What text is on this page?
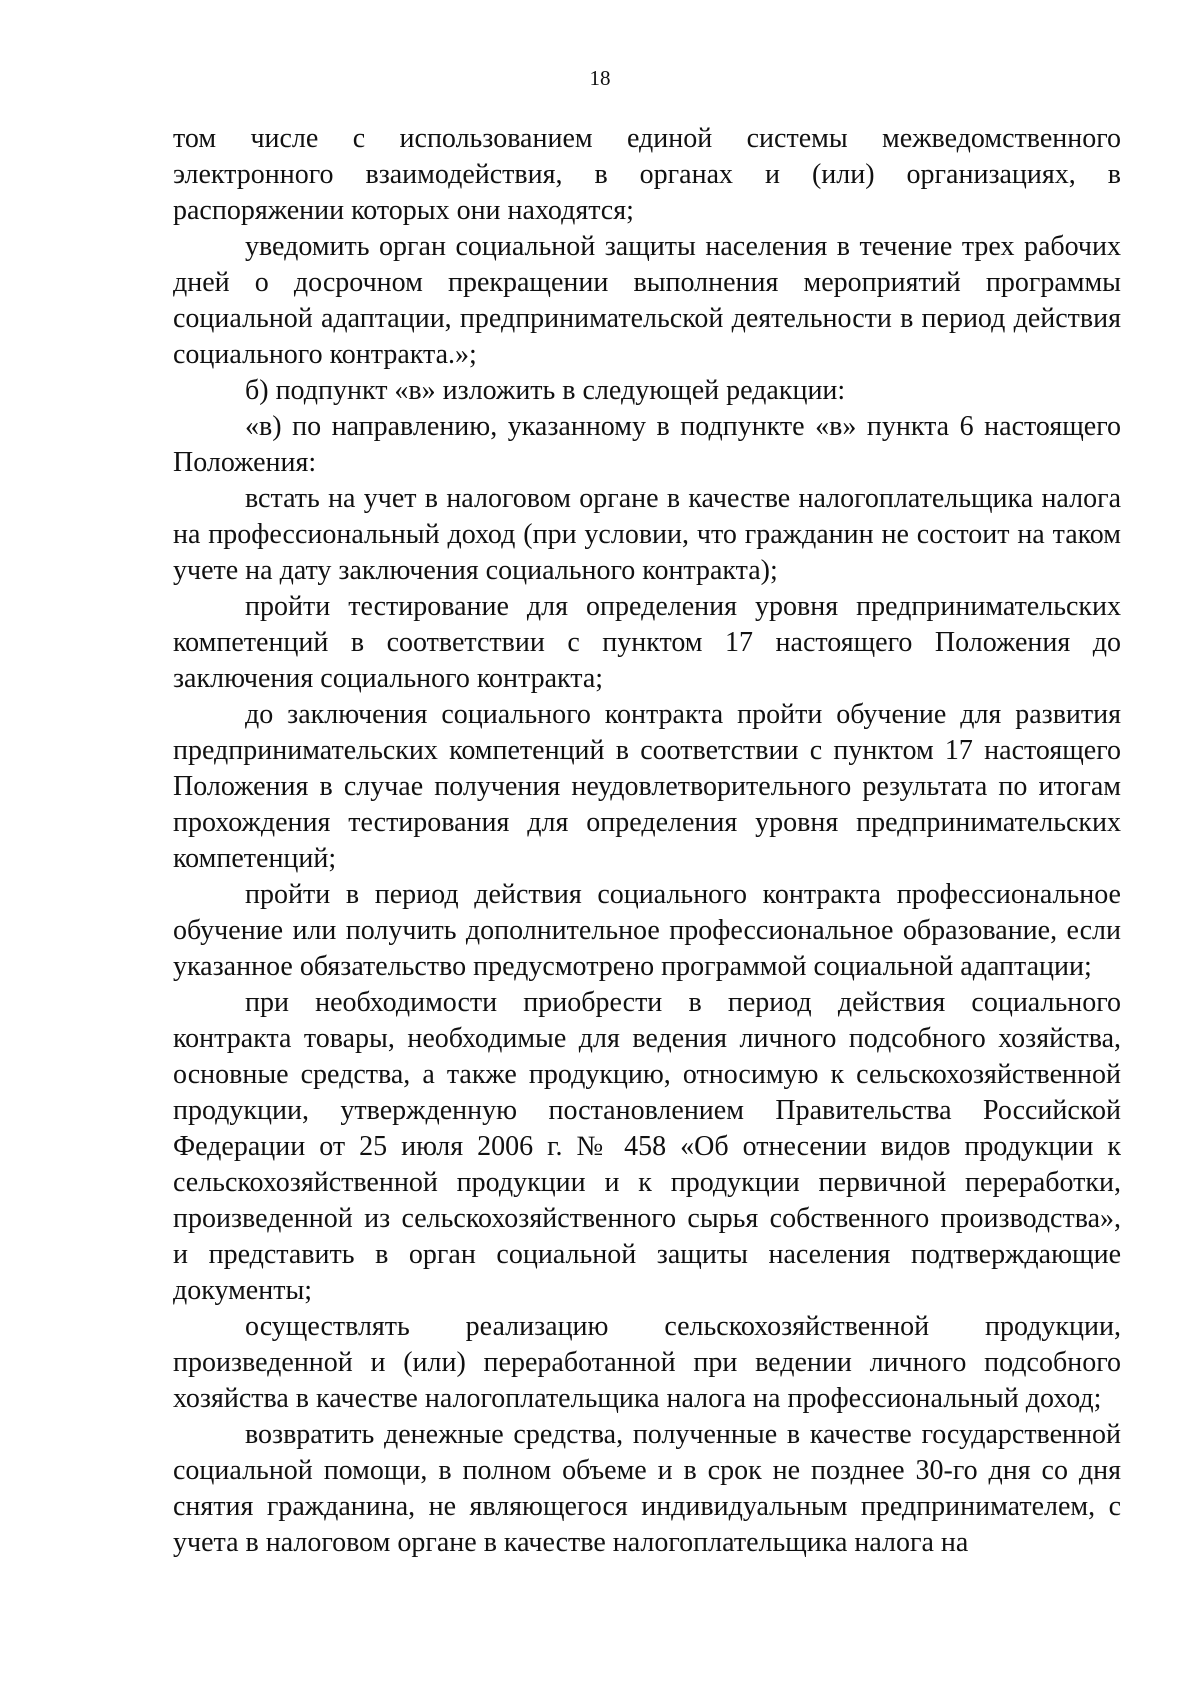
18

том числе с использованием единой системы межведомственного электронного взаимодействия, в органах и (или) организациях, в распоряжении которых они находятся;

уведомить орган социальной защиты населения в течение трех рабочих дней о досрочном прекращении выполнения мероприятий программы социальной адаптации, предпринимательской деятельности в период действия социального контракта.»;

б) подпункт «в» изложить в следующей редакции:

«в) по направлению, указанному в подпункте «в» пункта 6 настоящего Положения:

встать на учет в налоговом органе в качестве налогоплательщика налога на профессиональный доход (при условии, что гражданин не состоит на таком учете на дату заключения социального контракта);

пройти тестирование для определения уровня предпринимательских компетенций в соответствии с пунктом 17 настоящего Положения до заключения социального контракта;

до заключения социального контракта пройти обучение для развития предпринимательских компетенций в соответствии с пунктом 17 настоящего Положения в случае получения неудовлетворительного результата по итогам прохождения тестирования для определения уровня предпринимательских компетенций;

пройти в период действия социального контракта профессиональное обучение или получить дополнительное профессиональное образование, если указанное обязательство предусмотрено программой социальной адаптации;

при необходимости приобрести в период действия социального контракта товары, необходимые для ведения личного подсобного хозяйства, основные средства, а также продукцию, относимую к сельскохозяйственной продукции, утвержденную постановлением Правительства Российской Федерации от 25 июля 2006 г. № 458 «Об отнесении видов продукции к сельскохозяйственной продукции и к продукции первичной переработки, произведенной из сельскохозяйственного сырья собственного производства», и представить в орган социальной защиты населения подтверждающие документы;

осуществлять реализацию сельскохозяйственной продукции, произведенной и (или) переработанной при ведении личного подсобного хозяйства в качестве налогоплательщика налога на профессиональный доход;

возвратить денежные средства, полученные в качестве государственной социальной помощи, в полном объеме и в срок не позднее 30-го дня со дня снятия гражданина, не являющегося индивидуальным предпринимателем, с учета в налоговом органе в качестве налогоплательщика налога на
